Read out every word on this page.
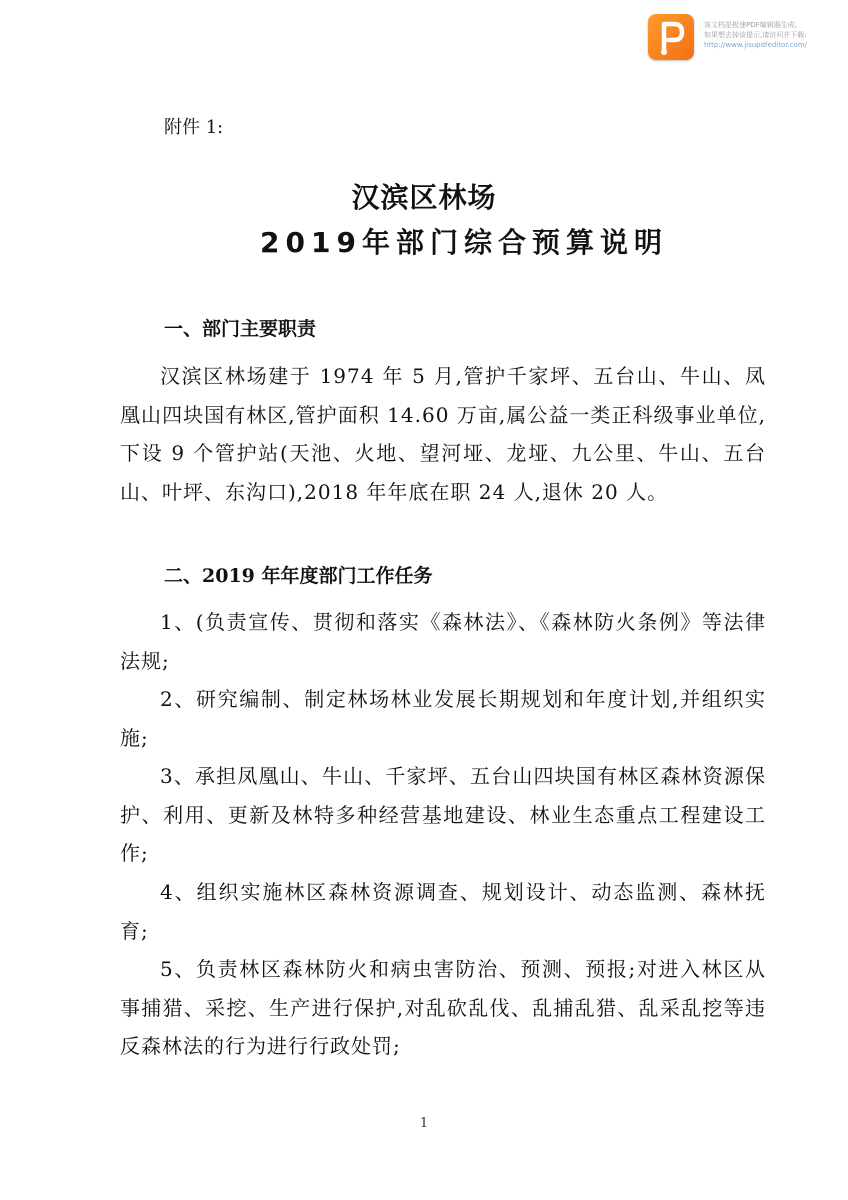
该文档是极速PDF编辑器生成,
如果想去掉该提示,请访问并下载:
http://www.jisupdfeditor.com/
附件 1:
汉滨区林场
2019年部门综合预算说明
一、部门主要职责
汉滨区林场建于 1974 年 5 月,管护千家坪、五台山、牛山、凤凰山四块国有林区,管护面积 14.60 万亩,属公益一类正科级事业单位,下设 9 个管护站(天池、火地、望河垭、龙垭、九公里、牛山、五台山、叶坪、东沟口),2018 年年底在职 24 人,退休 20 人。
二、2019 年年度部门工作任务
1、(负责宣传、贯彻和落实《森林法》、《森林防火条例》等法律法规;
2、研究编制、制定林场林业发展长期规划和年度计划,并组织实施;
3、承担凤凰山、牛山、千家坪、五台山四块国有林区森林资源保护、利用、更新及林特多种经营基地建设、林业生态重点工程建设工作;
4、组织实施林区森林资源调查、规划设计、动态监测、森林抚育;
5、负责林区森林防火和病虫害防治、预测、预报;对进入林区从事捕猎、采挖、生产进行保护,对乱砍乱伐、乱捕乱猎、乱采乱挖等违反森林法的行为进行行政处罚;
1
